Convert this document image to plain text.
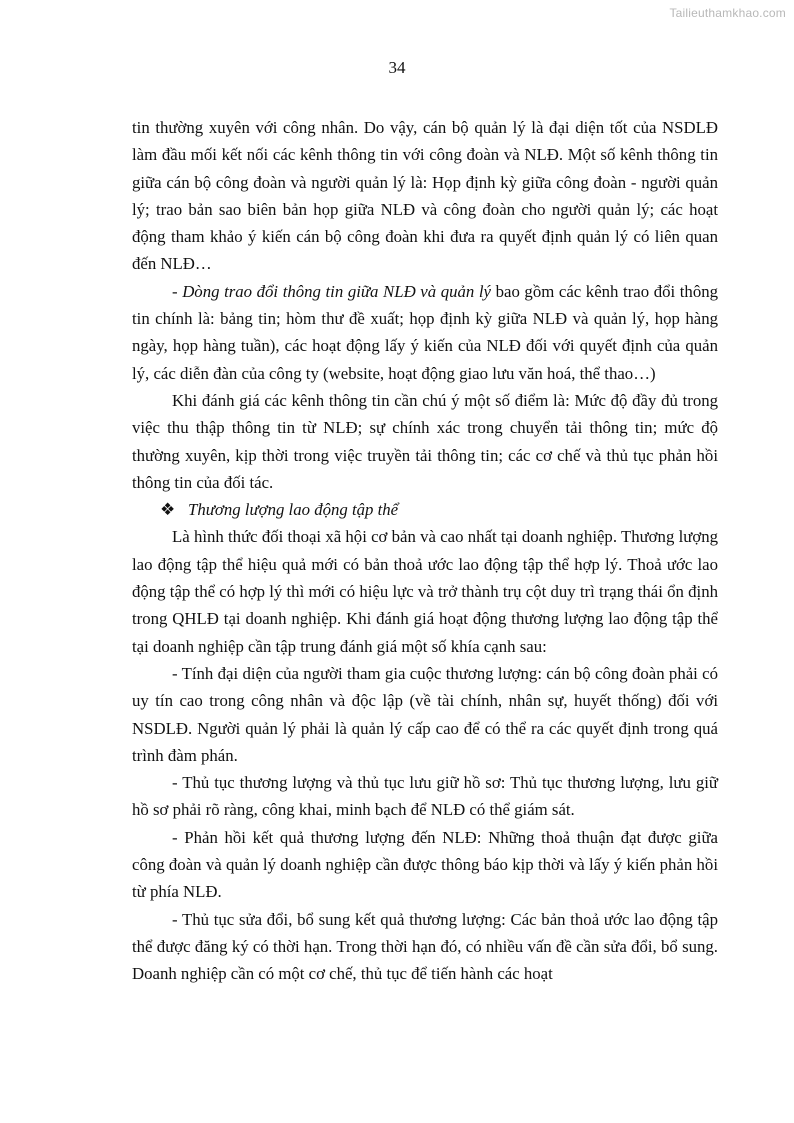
Tailieuthamkhao.com
34

tin thường xuyên với công nhân. Do vậy, cán bộ quản lý là đại diện tốt của NSDLĐ làm đầu mối kết nối các kênh thông tin với công đoàn và NLĐ. Một số kênh thông tin giữa cán bộ công đoàn và người quản lý là: Họp định kỳ giữa công đoàn - người quản lý; trao bản sao biên bản họp giữa NLĐ và công đoàn cho người quản lý; các hoạt động tham khảo ý kiến cán bộ công đoàn khi đưa ra quyết định quản lý có liên quan đến NLĐ…

- Dòng trao đổi thông tin giữa NLĐ và quản lý bao gồm các kênh trao đổi thông tin chính là: bảng tin; hòm thư đề xuất; họp định kỳ giữa NLĐ và quản lý, họp hàng ngày, họp hàng tuần), các hoạt động lấy ý kiến của NLĐ đối với quyết định của quản lý, các diễn đàn của công ty (website, hoạt động giao lưu văn hoá, thể thao…)

Khi đánh giá các kênh thông tin cần chú ý một số điểm là: Mức độ đầy đủ trong việc thu thập thông tin từ NLĐ; sự chính xác trong chuyển tải thông tin; mức độ thường xuyên, kịp thời trong việc truyền tải thông tin; các cơ chế và thủ tục phản hồi thông tin của đối tác.

❖ Thương lượng lao động tập thể

Là hình thức đối thoại xã hội cơ bản và cao nhất tại doanh nghiệp. Thương lượng lao động tập thể hiệu quả mới có bản thoả ước lao động tập thể hợp lý. Thoả ước lao động tập thể có hợp lý thì mới có hiệu lực và trở thành trụ cột duy trì trạng thái ổn định trong QHLĐ tại doanh nghiệp. Khi đánh giá hoạt động thương lượng lao động tập thể tại doanh nghiệp cần tập trung đánh giá một số khía cạnh sau:

- Tính đại diện của người tham gia cuộc thương lượng: cán bộ công đoàn phải có uy tín cao trong công nhân và độc lập (về tài chính, nhân sự, huyết thống) đối với NSDLĐ. Người quản lý phải là quản lý cấp cao để có thể ra các quyết định trong quá trình đàm phán.

- Thủ tục thương lượng và thủ tục lưu giữ hồ sơ: Thủ tục thương lượng, lưu giữ hồ sơ phải rõ ràng, công khai, minh bạch để NLĐ có thể giám sát.

- Phản hồi kết quả thương lượng đến NLĐ: Những thoả thuận đạt được giữa công đoàn và quản lý doanh nghiệp cần được thông báo kịp thời và lấy ý kiến phản hồi từ phía NLĐ.

- Thủ tục sửa đổi, bổ sung kết quả thương lượng: Các bản thoả ước lao động tập thể được đăng ký có thời hạn. Trong thời hạn đó, có nhiều vấn đề cần sửa đổi, bổ sung. Doanh nghiệp cần có một cơ chế, thủ tục để tiến hành các hoạt
